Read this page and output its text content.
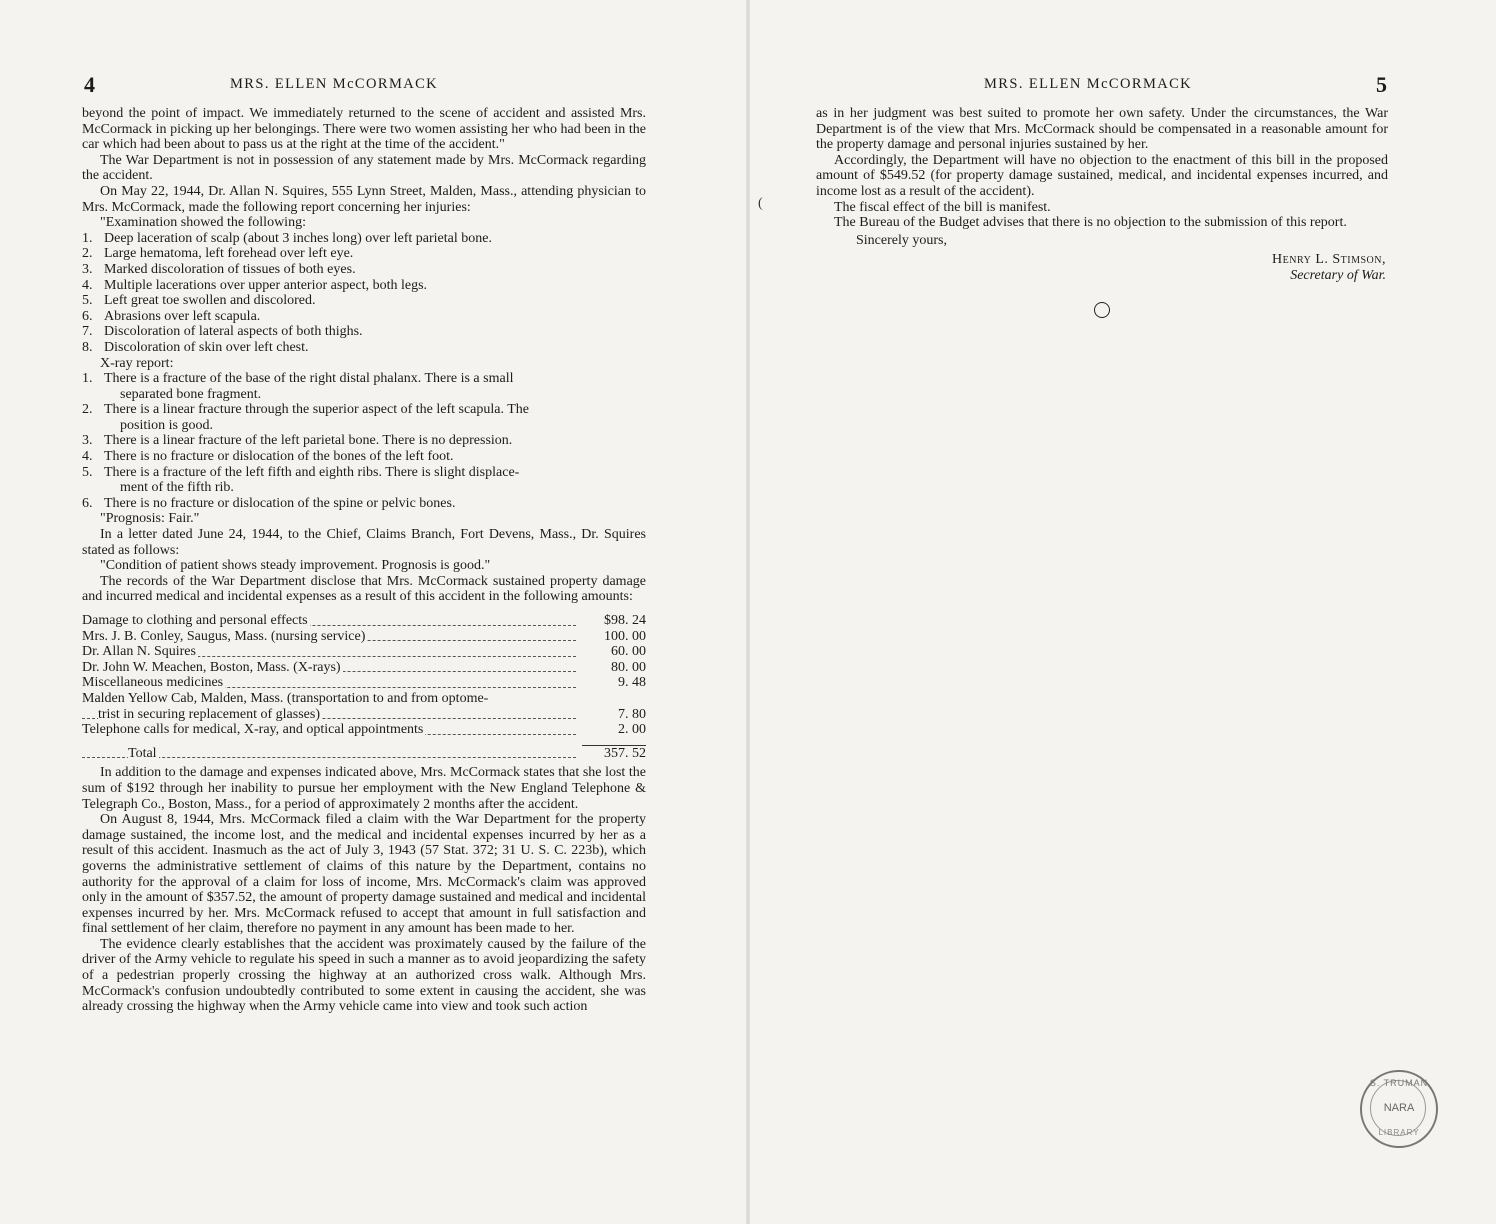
4	MRS. ELLEN McCORMACK

beyond the point of impact. We immediately returned to the scene of accident and assisted Mrs. McCormack in picking up her belongings. There were two women assisting her who had been in the car which had been about to pass us at the right at the time of the accident."

The War Department is not in possession of any statement made by Mrs. McCormack regarding the accident.

On May 22, 1944, Dr. Allan N. Squires, 555 Lynn Street, Malden, Mass., attending physician to Mrs. McCormack, made the following report concerning her injuries:

"Examination showed the following:

1. Deep laceration of scalp (about 3 inches long) over left parietal bone.
2. Large hematoma, left forehead over left eye.
3. Marked discoloration of tissues of both eyes.
4. Multiple lacerations over upper anterior aspect, both legs.
5. Left great toe swollen and discolored.
6. Abrasions over left scapula.
7. Discoloration of lateral aspects of both thighs.
8. Discoloration of skin over left chest.

X-ray report:

1. There is a fracture of the base of the right distal phalanx. There is a small
separated bone fragment.
2. There is a linear fracture through the superior aspect of the left scapula. The
position is good.
3. There is a linear fracture of the left parietal bone. There is no depression.
4. There is no fracture or dislocation of the bones of the left foot.
5. There is a fracture of the left fifth and eighth ribs. There is slight displace-
ment of the fifth rib.
6. There is no fracture or dislocation of the spine or pelvic bones.

"Prognosis: Fair."

In a letter dated June 24, 1944, to the Chief, Claims Branch, Fort Devens, Mass., Dr. Squires stated as follows:

"Condition of patient shows steady improvement. Prognosis is good."

The records of the War Department disclose that Mrs. McCormack sustained property damage and incurred medical and incidental expenses as a result of this accident in the following amounts:

Damage to clothing and personal effects	$98. 24
Mrs. J. B. Conley, Saugus, Mass. (nursing service)	100. 00
Dr. Allan N. Squires	60. 00
Dr. John W. Meachen, Boston, Mass. (X-rays)	80. 00
Miscellaneous medicines	9. 48
Malden Yellow Cab, Malden, Mass. (transportation to and from optome-	
trist in securing replacement of glasses)	7. 80
Telephone calls for medical, X-ray, and optical appointments	2. 00

Total	357. 52

In addition to the damage and expenses indicated above, Mrs. McCormack states that she lost the sum of $192 through her inability to pursue her employment with the New England Telephone & Telegraph Co., Boston, Mass., for a period of approximately 2 months after the accident.

On August 8, 1944, Mrs. McCormack filed a claim with the War Department for the property damage sustained, the income lost, and the medical and incidental expenses incurred by her as a result of this accident. Inasmuch as the act of July 3, 1943 (57 Stat. 372; 31 U. S. C. 223b), which governs the administrative settlement of claims of this nature by the Department, contains no authority for the approval of a claim for loss of income, Mrs. McCormack's claim was approved only in the amount of $357.52, the amount of property damage sustained and medical and incidental expenses incurred by her. Mrs. McCormack refused to accept that amount in full satisfaction and final settlement of her claim, therefore no payment in any amount has been made to her.

The evidence clearly establishes that the accident was proximately caused by the failure of the driver of the Army vehicle to regulate his speed in such a manner as to avoid jeopardizing the safety of a pedestrian properly crossing the highway at an authorized cross walk. Although Mrs. McCormack's confusion undoubtedly contributed to some extent in causing the accident, she was already crossing the highway when the Army vehicle came into view and took such action

MRS. ELLEN McCORMACK	5

as in her judgment was best suited to promote her own safety. Under the circumstances, the War Department is of the view that Mrs. McCormack should be compensated in a reasonable amount for the property damage and personal injuries sustained by her.

Accordingly, the Department will have no objection to the enactment of this bill in the proposed amount of $549.52 (for property damage sustained, medical, and incidental expenses incurred, and income lost as a result of the accident).

The fiscal effect of the bill is manifest.

The Bureau of the Budget advises that there is no objection to the submission of this report.

Sincerely yours,

Henry L. Stimson,
Secretary of War.
(
S. TRUMAN
NARA
LIBRARY
